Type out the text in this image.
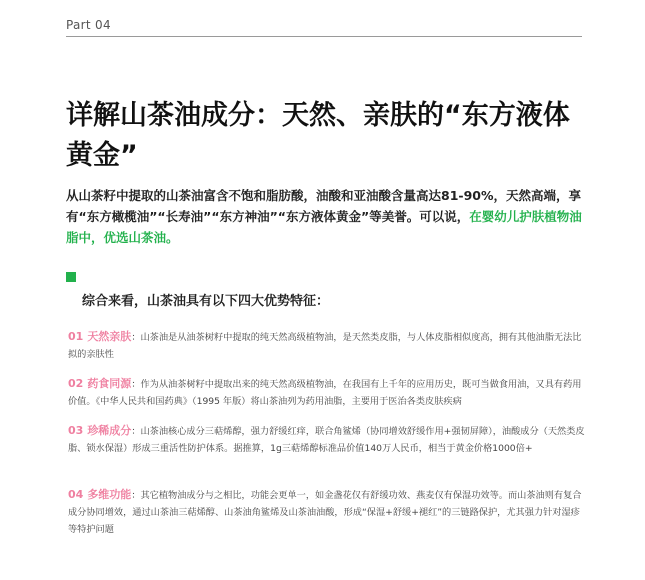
Part 04
详解山茶油成分：天然、亲肤的“东方液体黄金”

从山茶籽中提取的山茶油富含不饱和脂肪酸，油酸和亚油酸含量高达81-90%，天然高端，享有“东方橄榄油”“长寿油”“东方神油”“东方液体黄金”等美誉。可以说，在婴幼儿护肤植物油脂中，优选山茶油。

综合来看，山茶油具有以下四大优势特征：

01 天然亲肤：山茶油是从油茶树籽中提取的纯天然高级植物油，是天然类皮脂，与人体皮脂相似度高，拥有其他油脂无法比拟的亲肤性

02 药食同源：作为从油茶树籽中提取出来的纯天然高级植物油，在我国有上千年的应用历史，既可当做食用油，又具有药用价值。《中华人民共和国药典》（1995 年版）将山茶油列为药用油脂，主要用于医治各类皮肤疾病

03 珍稀成分：山茶油核心成分三萜烯醇，强力舒缓红痒，联合角鲨烯（协同增效舒缓作用+强韧屏障），油酸成分（天然类皮脂、锁水保湿）形成三重活性防护体系。据推算，1g三萜烯醇标准品价值140万人民币，相当于黄金价格1000倍+

04 多维功能：其它植物油成分与之相比，功能会更单一，如金盏花仅有舒缓功效、燕麦仅有保湿功效等。而山茶油则有复合成分协同增效，通过山茶油三萜烯醇、山茶油角鲨烯及山茶油油酸，形成“保湿+舒缓+褪红”的三链路保护，尤其强力针对湿疹等特护问题
